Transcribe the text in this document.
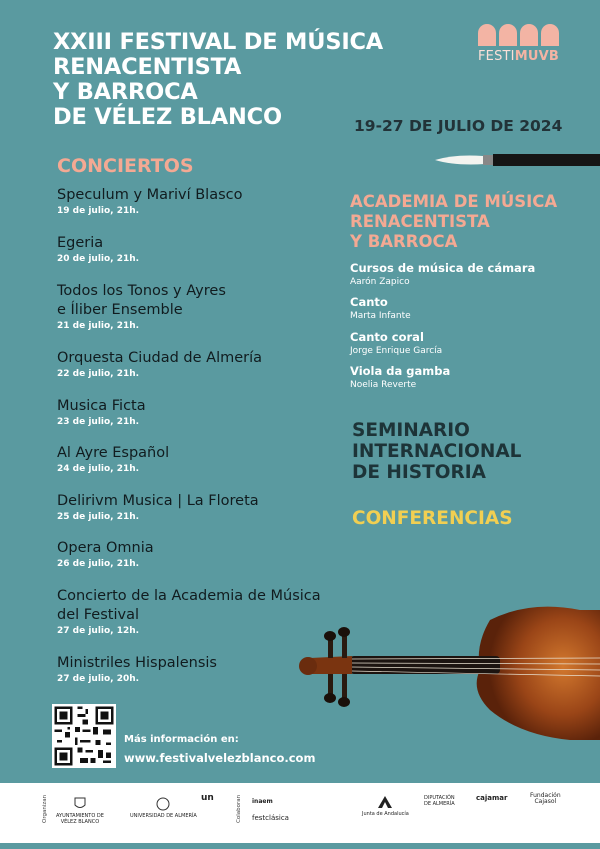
XXIII FESTIVAL DE MÚSICA
RENACENTISTA
Y BARROCA
DE VÉLEZ BLANCO
FESTIMUVB
19-27 DE JULIO DE 2024
CONCIERTOS
Speculum y Mariví Blasco
19 de julio, 21h.
Egeria
20 de julio, 21h.
Todos los Tonos y Ayres
e Íliber Ensemble
21 de julio, 21h.
Orquesta Ciudad de Almería
22 de julio, 21h.
Musica Ficta
23 de julio, 21h.
Al Ayre Español
24 de julio, 21h.
Delirivm Musica | La Floreta
25 de julio, 21h.
Opera Omnia
26 de julio, 21h.
Concierto de la Academia de Música
del Festival
27 de julio, 12h.
Ministriles Hispalensis
27 de julio, 20h.
ACADEMIA DE MÚSICA
RENACENTISTA
Y BARROCA
Cursos de música de cámara
Aarón Zapico
Canto
Marta Infante
Canto coral
Jorge Enrique García
Viola da gamba
Noelia Reverte
SEMINARIO
INTERNACIONAL
DE HISTORIA
CONFERENCIAS
Más información en:
www.festivalvelezblanco.com
Organizan	Colaboran
AYUNTAMIENTO DE
VÉLEZ BLANCO
UNIVERSIDAD DE ALMERÍA
un	inaem
festclásica	Junta de Andalucía
DIPUTACIÓN
DE ALMERÍA
cajamar	Fundación
Cajasol
